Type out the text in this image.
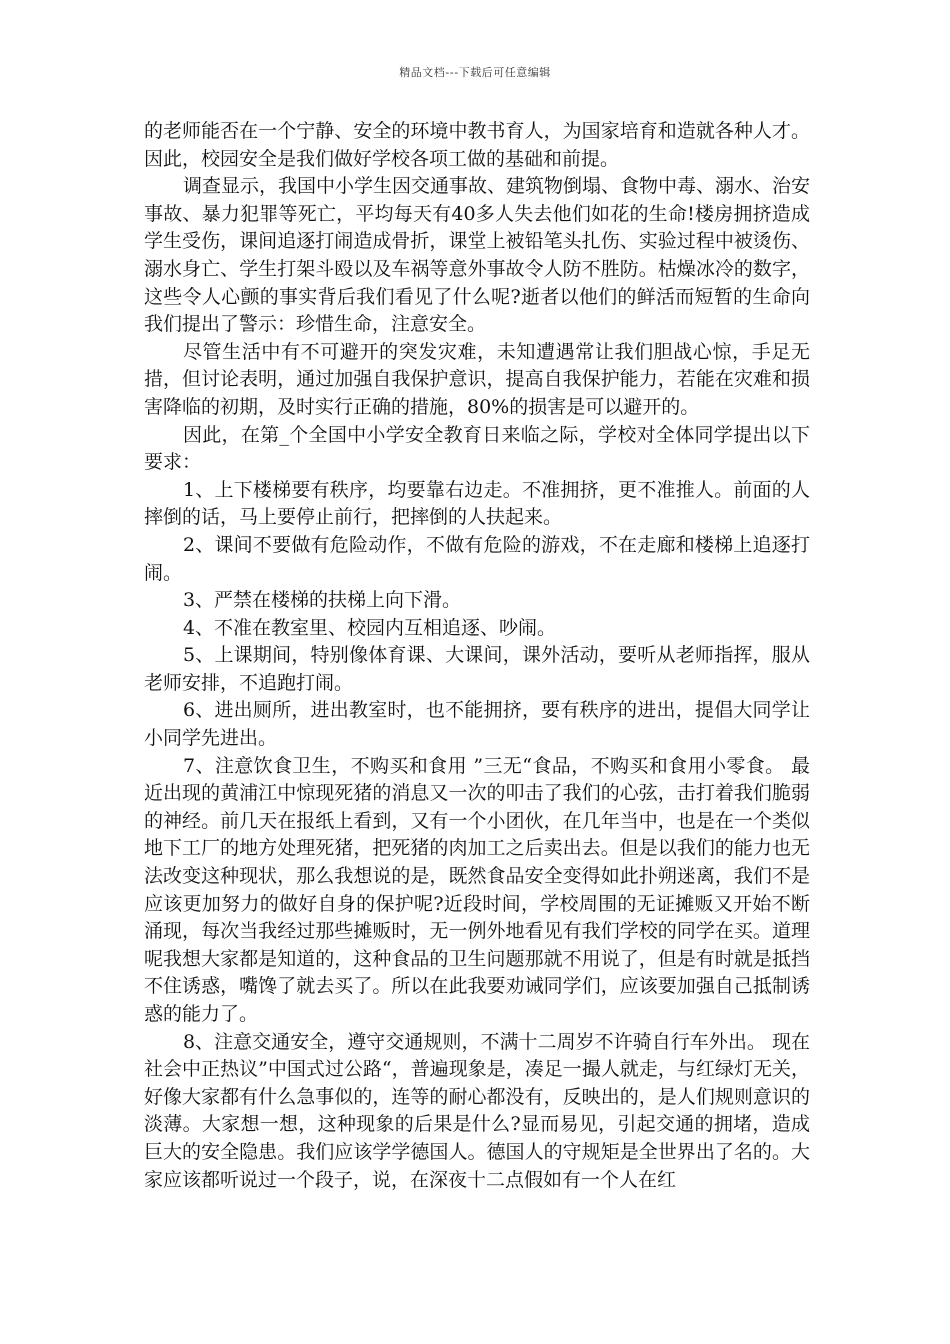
精品文档---下载后可任意编辑

的老师能否在一个宁静、安全的环境中教书育人，为国家培育和造就各种人才。因此，校园安全是我们做好学校各项工做的基础和前提。

调查显示，我国中小学生因交通事故、建筑物倒塌、食物中毒、溺水、治安事故、暴力犯罪等死亡，平均每天有40多人失去他们如花的生命!楼房拥挤造成学生受伤，课间追逐打闹造成骨折，课堂上被铅笔头扎伤、实验过程中被烫伤、溺水身亡、学生打架斗殴以及车祸等意外事故令人防不胜防。枯燥冰冷的数字，这些令人心颤的事实背后我们看见了什么呢?逝者以他们的鲜活而短暂的生命向我们提出了警示：珍惜生命，注意安全。

尽管生活中有不可避开的突发灾难，未知遭遇常让我们胆战心惊，手足无措，但讨论表明，通过加强自我保护意识，提高自我保护能力，若能在灾难和损害降临的初期，及时实行正确的措施，80%的损害是可以避开的。

因此，在第_个全国中小学安全教育日来临之际，学校对全体同学提出以下要求：

1、上下楼梯要有秩序，均要靠右边走。不准拥挤，更不准推人。前面的人摔倒的话，马上要停止前行，把摔倒的人扶起来。

2、课间不要做有危险动作，不做有危险的游戏，不在走廊和楼梯上追逐打闹。

3、严禁在楼梯的扶梯上向下滑。

4、不准在教室里、校园内互相追逐、吵闹。

5、上课期间，特别像体育课、大课间，课外活动，要听从老师指挥，服从老师安排，不追跑打闹。

6、进出厕所，进出教室时，也不能拥挤，要有秩序的进出，提倡大同学让小同学先进出。

7、注意饮食卫生，不购买和食用 ”三无“食品，不购买和食用小零食。 最近出现的黄浦江中惊现死猪的消息又一次的叩击了我们的心弦，击打着我们脆弱的神经。前几天在报纸上看到，又有一个小团伙，在几年当中，也是在一个类似地下工厂的地方处理死猪，把死猪的肉加工之后卖出去。但是以我们的能力也无法改变这种现状，那么我想说的是，既然食品安全变得如此扑朔迷离，我们不是应该更加努力的做好自身的保护呢?近段时间，学校周围的无证摊贩又开始不断涌现，每次当我经过那些摊贩时，无一例外地看见有我们学校的同学在买。道理呢我想大家都是知道的，这种食品的卫生问题那就不用说了，但是有时就是抵挡不住诱惑，嘴馋了就去买了。所以在此我要劝诫同学们，应该要加强自己抵制诱惑的能力了。

8、注意交通安全，遵守交通规则，不满十二周岁不许骑自行车外出。 现在社会中正热议”中国式过公路“，普遍现象是，凑足一撮人就走，与红绿灯无关，好像大家都有什么急事似的，连等的耐心都没有，反映出的，是人们规则意识的淡薄。大家想一想，这种现象的后果是什么?显而易见，引起交通的拥堵，造成巨大的安全隐患。我们应该学学德国人。德国人的守规矩是全世界出了名的。大家应该都听说过一个段子，说，在深夜十二点假如有一个人在红
